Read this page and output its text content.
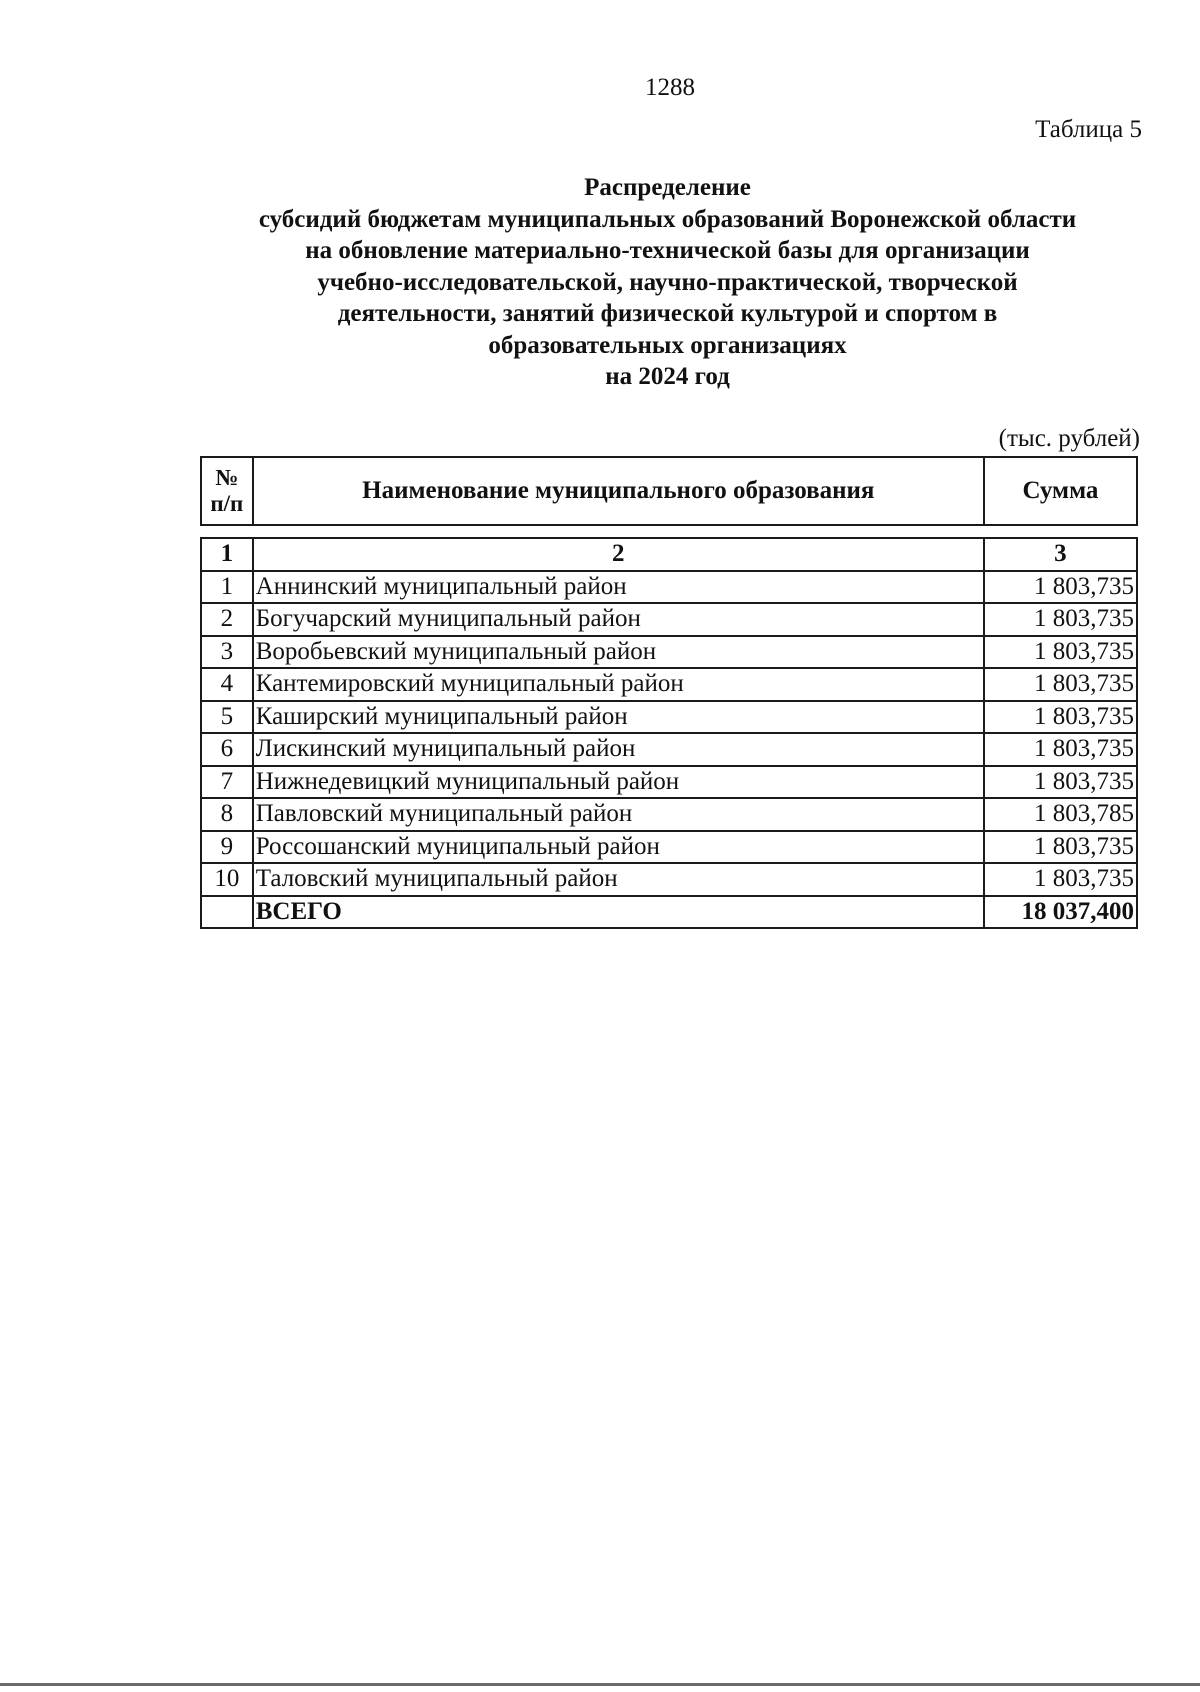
1288
Таблица 5
Распределение
субсидий бюджетам муниципальных образований Воронежской области
на обновление материально-технической базы для организации
учебно-исследовательской, научно-практической, творческой
деятельности, занятий физической культурой и спортом в
образовательных организациях
на 2024 год
(тыс. рублей)
№ п/п	Наименование муниципального образования	Сумма
1	2	3
1	Аннинский муниципальный район	1 803,735
2	Богучарский муниципальный район	1 803,735
3	Воробьевский муниципальный район	1 803,735
4	Кантемировский муниципальный район	1 803,735
5	Каширский муниципальный район	1 803,735
6	Лискинский муниципальный район	1 803,735
7	Нижнедевицкий муниципальный район	1 803,735
8	Павловский муниципальный район	1 803,785
9	Россошанский муниципальный район	1 803,735
10	Таловский муниципальный район	1 803,735
	ВСЕГО	18 037,400
